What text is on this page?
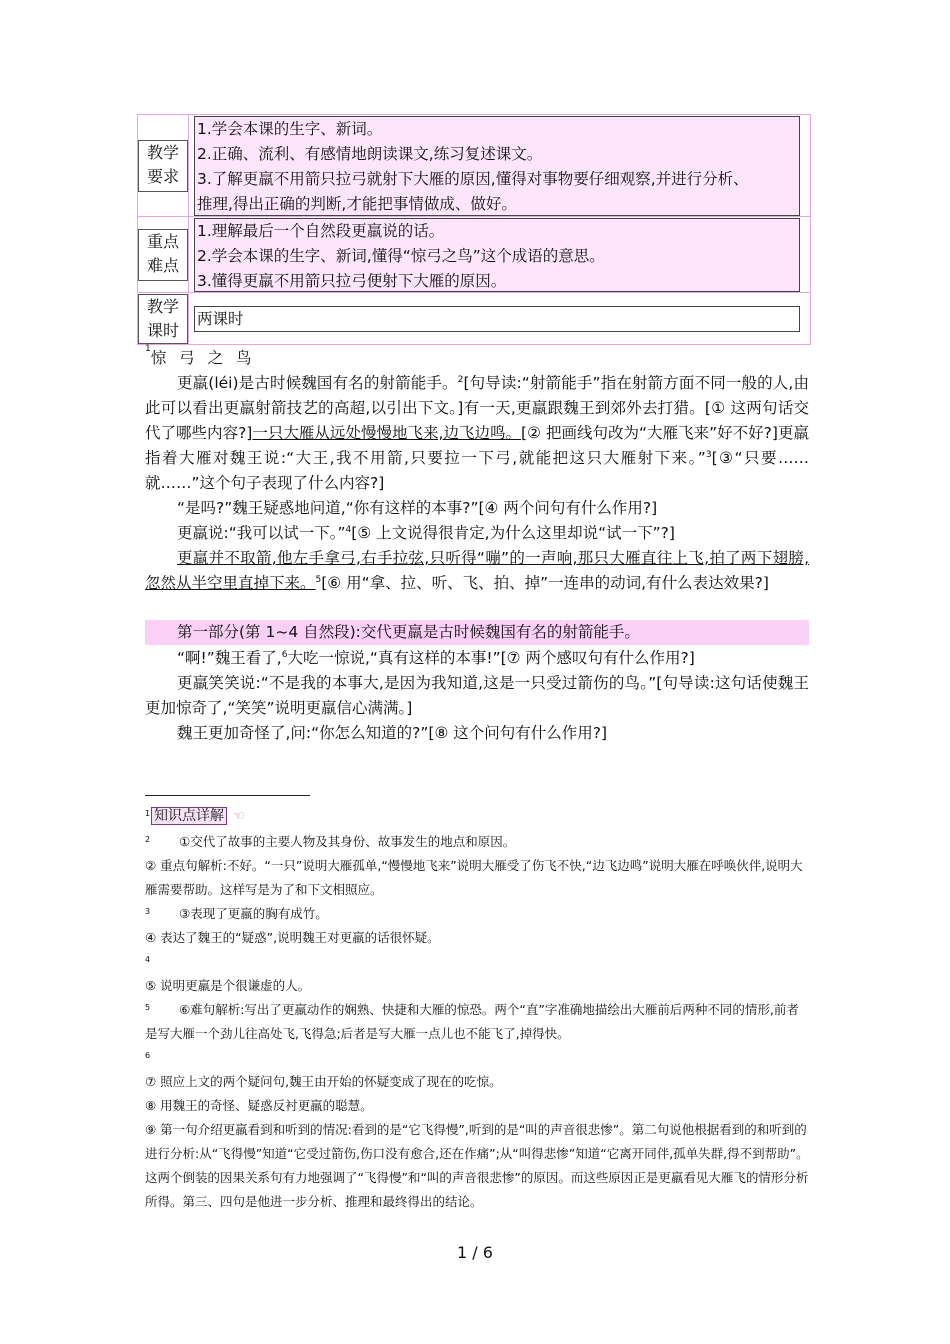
教学
要求
1.学会本课的生字、新词。
2.正确、流利、有感情地朗读课文,练习复述课文。
3.了解更羸不用箭只拉弓就射下大雁的原因,懂得对事物要仔细观察,并进行分析、
推理,得出正确的判断,才能把事情做成、做好。
重点
难点
1.理解最后一个自然段更羸说的话。
2.学会本课的生字、新词,懂得“惊弓之鸟”这个成语的意思。
3.懂得更羸不用箭只拉弓便射下大雁的原因。
教学
课时
两课时
$^1$惊 弓 之 鸟

更羸(léi)是古时候魏国有名的射箭能手。$^2$[句导读:“射箭能手”指在射箭方面不同一般的人,由此可以看出更羸射箭技艺的高超,以引出下文。]有一天,更羸跟魏王到郊外去打猎。[① 这两句话交代了哪些内容?]一只大雁从远处慢慢地飞来,边飞边鸣。[② 把画线句改为“大雁飞来”好不好?]更羸指着大雁对魏王说:“大王,我不用箭,只要拉一下弓,就能把这只大雁射下来。”$^3$[③“只要……就……”这个句子表现了什么内容?]

“是吗?”魏王疑惑地问道,“你有这样的本事?”[④ 两个问句有什么作用?]

更羸说:“我可以试一下。”$^4$[⑤ 上文说得很肯定,为什么这里却说“试一下”?]

更羸并不取箭,他左手拿弓,右手拉弦,只听得“嘣”的一声响,那只大雁直往上飞,拍了两下翅膀,忽然从半空里直掉下来。$^5$[⑥ 用“拿、拉、听、飞、拍、掉”一连串的动词,有什么表达效果?]

第一部分(第 1~4 自然段):交代更羸是古时候魏国有名的射箭能手。

“啊!”魏王看了,$^6$大吃一惊说,“真有这样的本事!”[⑦ 两个感叹句有什么作用?]

更羸笑笑说:“不是我的本事大,是因为我知道,这是一只受过箭伤的鸟。”[句导读:这句话使魏王更加惊奇了,“笑笑”说明更羸信心满满。]

魏王更加奇怪了,问:“你怎么知道的?”[⑧ 这个问句有什么作用?]

1 知识点详解 ☜
2 ①交代了故事的主要人物及其身份、故事发生的地点和原因。
② 重点句解析:不好。“一只”说明大雁孤单,“慢慢地飞来”说明大雁受了伤飞不快,“边飞边鸣”说明大雁在呼唤伙伴,说明大雁需要帮助。这样写是为了和下文相照应。
3 ③表现了更羸的胸有成竹。
④ 表达了魏王的“疑惑”,说明魏王对更羸的话很怀疑。
4
⑤ 说明更羸是个很谦虚的人。
5 ⑥难句解析:写出了更羸动作的娴熟、快捷和大雁的惊恐。两个“直”字准确地描绘出大雁前后两种不同的情形,前者是写大雁一个劲儿往高处飞,飞得急;后者是写大雁一点儿也不能飞了,掉得快。
6
⑦ 照应上文的两个疑问句,魏王由开始的怀疑变成了现在的吃惊。
⑧ 用魏王的奇怪、疑惑反衬更羸的聪慧。
⑨ 第一句介绍更羸看到和听到的情况:看到的是“它飞得慢”,听到的是“叫的声音很悲惨”。第二句说他根据看到的和听到的进行分析:从“飞得慢”知道“它受过箭伤,伤口没有愈合,还在作痛”;从“叫得悲惨”知道“它离开同伴,孤单失群,得不到帮助”。这两个倒装的因果关系句有力地强调了“飞得慢”和“叫的声音很悲惨”的原因。而这些原因正是更羸看见大雁飞的情形分析所得。第三、四句是他进一步分析、推理和最终得出的结论。
1 / 6
